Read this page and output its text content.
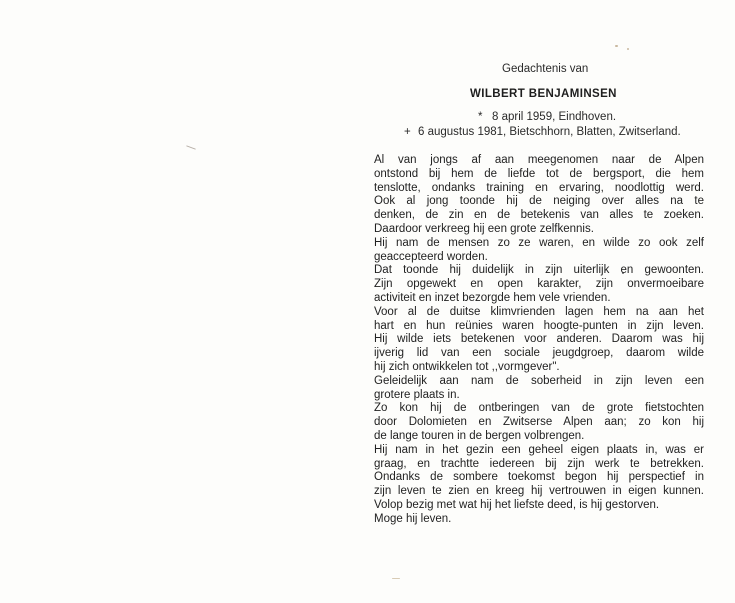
Gedachtenis van
WILBERT BENJAMINSEN
* 8 april 1959, Eindhoven.
+ 6 augustus 1981, Bietschhorn, Blatten, Zwitserland.
Al van jongs af aan meegenomen naar de Alpen
ontstond bij hem de liefde tot de bergsport, die hem
tenslotte, ondanks training en ervaring, noodlottig werd.
Ook al jong toonde hij de neiging over alles na te
denken, de zin en de betekenis van alles te zoeken.
Daardoor verkreeg hij een grote zelfkennis.
Hij nam de mensen zo ze waren, en wilde zo ook zelf
geaccepteerd worden.
Dat toonde hij duidelijk in zijn uiterlijk en gewoonten.
Zijn opgewekt en open karakter, zijn onvermoeibare
activiteit en inzet bezorgde hem vele vrienden.
Voor al de duitse klimvrienden lagen hem na aan het
hart en hun reünies waren hoogte-punten in zijn leven.
Hij wilde iets betekenen voor anderen. Daarom was hij
ijverig lid van een sociale jeugdgroep, daarom wilde
hij zich ontwikkelen tot ,,vormgever".
Geleidelijk aan nam de soberheid in zijn leven een
grotere plaats in.
Zo kon hij de ontberingen van de grote fietstochten
door Dolomieten en Zwitserse Alpen aan; zo kon hij
de lange touren in de bergen volbrengen.
Hij nam in het gezin een geheel eigen plaats in, was er
graag, en trachtte iedereen bij zijn werk te betrekken.
Ondanks de sombere toekomst begon hij perspectief in
zijn leven te zien en kreeg hij vertrouwen in eigen kunnen.
Volop bezig met wat hij het liefste deed, is hij gestorven.
Moge hij leven.
